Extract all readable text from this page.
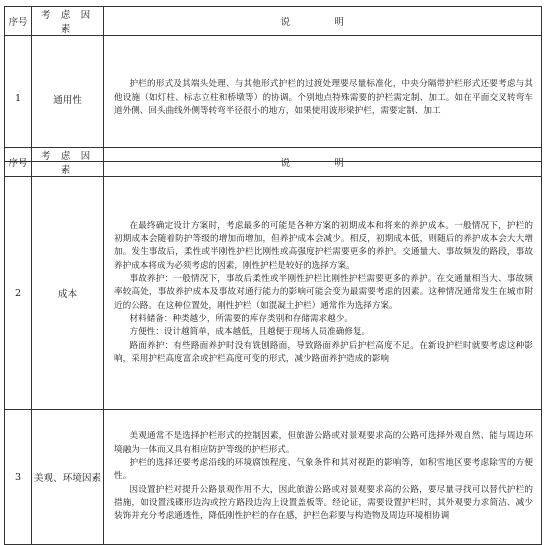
序号	考 虑 因 素	说 明
1	通用性	护栏的形式及其端头处理、与其他形式护栏的过渡处理要尽量标准化，中央分隔带护栏形式还要考虑与其他设施（如灯柱、标志立柱和桥墩等）的协调。个别地点特殊需要的护栏需定制、加工。如在平面交叉转弯车道外侧、回头曲线外侧等转弯半径很小的地方，如果使用波形梁护栏，需要定制、加工

序号	考 虑 因 素	说 明
2	成本	在最终确定设计方案时，考虑最多的可能是各种方案的初期成本和将来的养护成本。一般情况下，护栏的初期成本会随着防护等级的增加而增加，但养护成本会减少。相反，初期成本低，则随后的养护成本会大大增加。发生事故后，柔性或半刚性护栏比刚性或高强度护栏需要更多的养护。交通量大、事故频发的路段，事故养护成本将成为必须考虑的因素，刚性护栏是较好的选择方案。

事故养护：一般情况下，事故后柔性或半刚性护栏比刚性护栏需要更多的养护。在交通量相当大、事故频率较高处，事故养护成本及事故对通行能力的影响可能会变为最需要考虑的因素。这种情况通常发生在城市附近的公路。在这种位置处，刚性护栏（如混凝土护栏）通常作为选择方案。

材料储备：种类越少，所需要的库存类别和存储需求越少。

方便性：设计越简单，成本越低，且越便于现场人员准确修复。

路面养护：有些路面养护时没有铣刨路面，导致路面养护后护栏高度不足。在新设护栏时就要考虑这种影响，采用护栏高度富余或护栏高度可变的形式，减少路面养护造成的影响

3	美观、环境因素	美观通常不是选择护栏形式的控制因素，但旅游公路或对景观要求高的公路可选择外观自然、能与周边环境融为一体而又具有相应防护等级的护栏形式。

护栏的选择还要考虑沿线的环境腐蚀程度、气象条件和其对视距的影响等，如积雪地区要考虑除雪的方便性。

因设置护栏对提升公路景观作用不大，因此旅游公路或对景观要求高的公路，要尽量寻找可以替代护栏的措施，如设置浅碟形边沟或控方路段边沟上设置盖板等。经论证，需要设置护栏时，其外观要力求简洁、减少装饰并充分考虑通透性，降低刚性护栏的存在感，护栏色彩要与构造物及周边环境相协调
